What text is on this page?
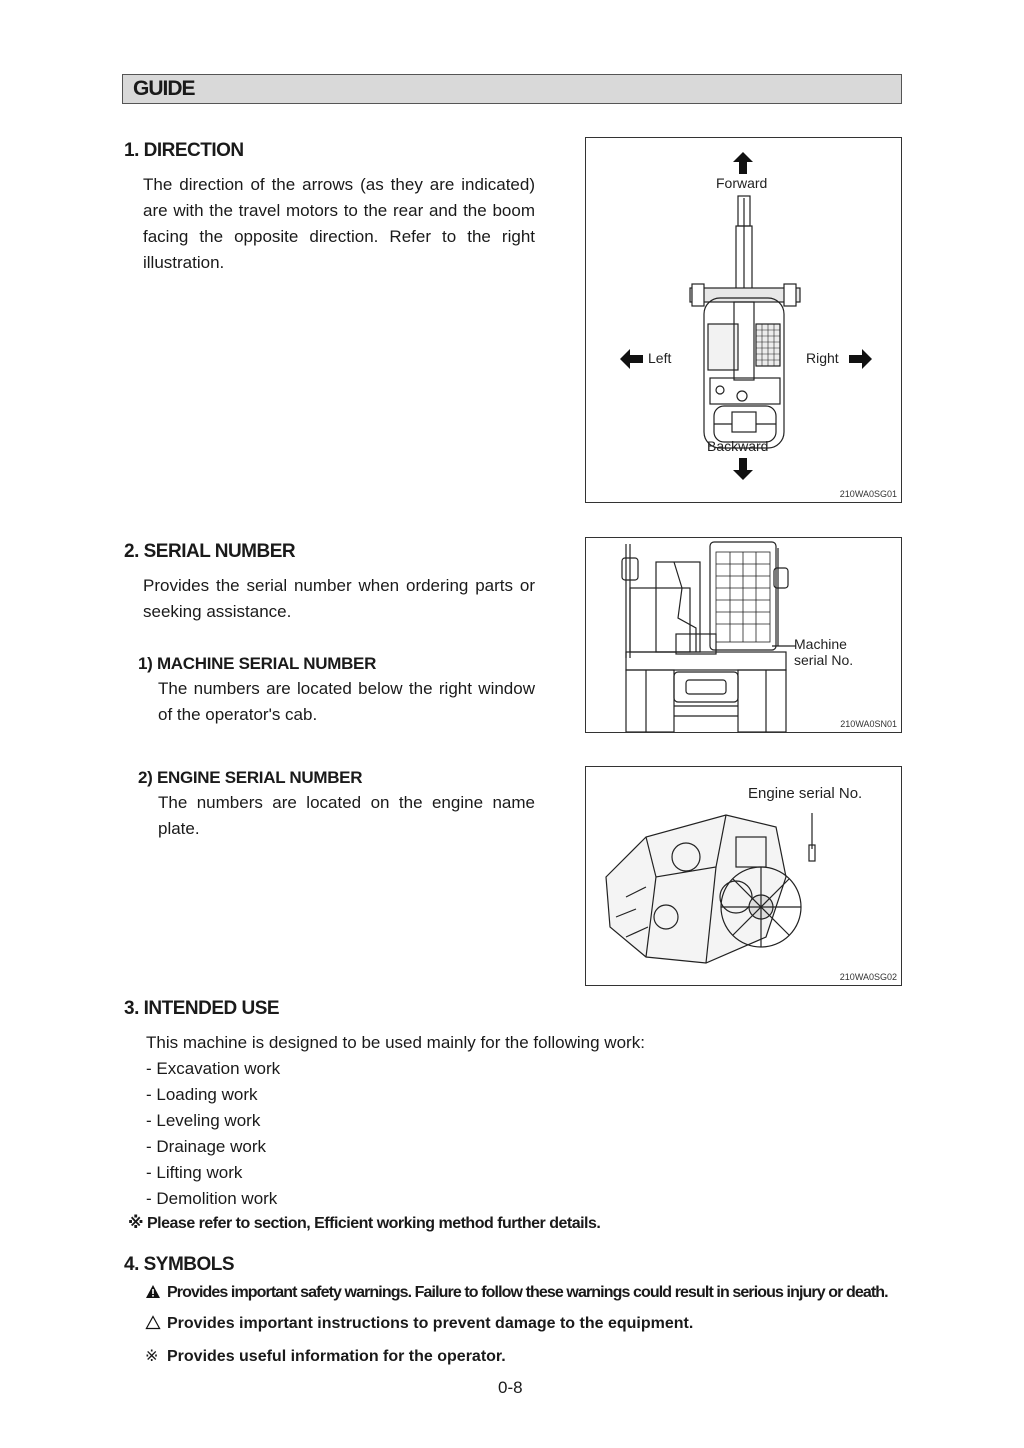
GUIDE
1. DIRECTION
The direction of the arrows (as they are indicated) are with the travel motors to the rear and the boom facing the opposite direction. Refer to the right illustration.
Forward
Left	Right
Backward
210WA0SG01
2. SERIAL NUMBER
Provides the serial number when ordering parts or seeking assistance.
1) MACHINE SERIAL NUMBER
The numbers are located below the right window of the operator's cab.
Machine
serial No.
210WA0SN01
2) ENGINE SERIAL NUMBER
The numbers are located on the engine name plate.
Engine serial No.
210WA0SG02
3. INTENDED USE
This machine is designed to be used mainly for the following work:
- Excavation work
- Loading work
- Leveling work
- Drainage work
- Lifting work
- Demolition work
※ Please refer to section, Efficient working method further details.
4. SYMBOLS
Provides important safety warnings. Failure to follow these warnings could result in serious injury or death.
Provides important instructions to prevent damage to the equipment.
※ Provides useful information for the operator.
0-8
